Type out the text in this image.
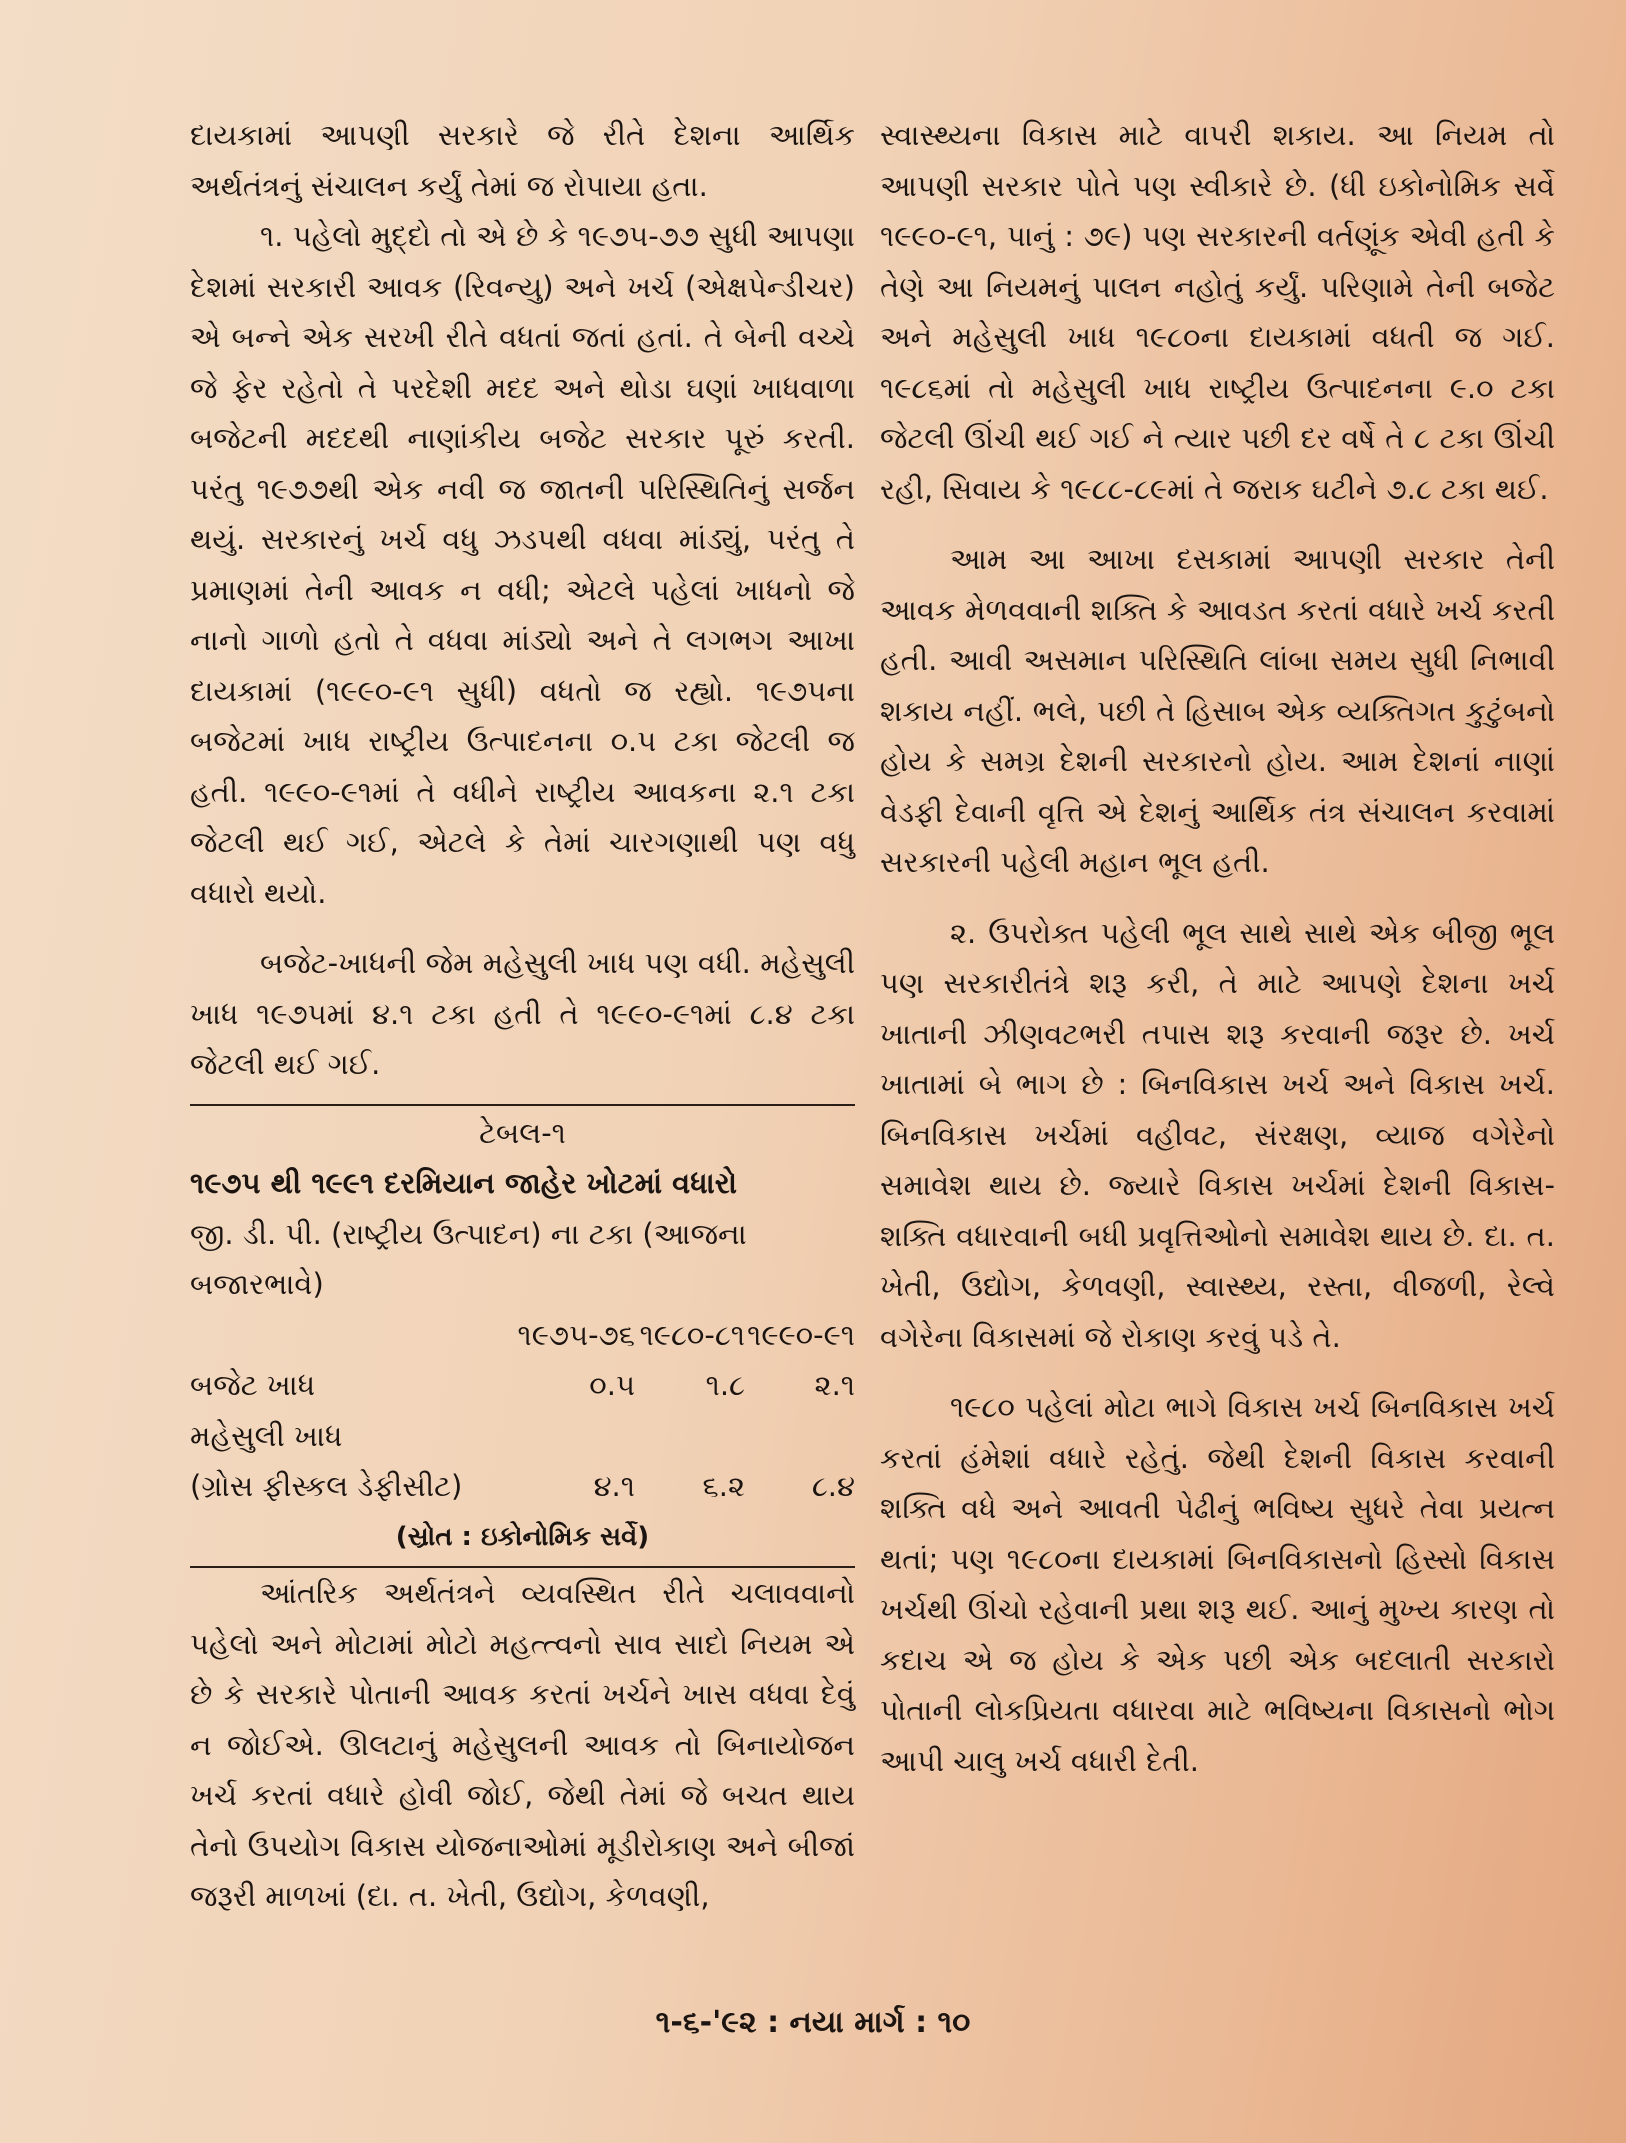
દાયકામાં આપણી સરકારે જે રીતે દેશના આર્થિક અર્થતંત્રનું સંચાલન કર્યું તેમાં જ રોપાયા હતા.

૧. પહેલો મુદ્દો તો એ છે કે ૧૯૭૫-૭૭ સુધી આપણા દેશમાં સરકારી આવક (રિવન્યુ) અને ખર્ચ (એક્ષપેન્ડીચર) એ બન્ને એક સરખી રીતે વધતાં જતાં હતાં. તે બેની વચ્ચે જે ફેર રહેતો તે પરદેશી મદદ અને થોડા ઘણાં ખાધવાળા બજેટની મદદથી નાણાંકીય બજેટ સરકાર પૂરું કરતી. પરંતુ ૧૯૭૭થી એક નવી જ જાતની પરિસ્થિતિનું સર્જન થયું. સરકારનું ખર્ચ વધુ ઝડપથી વધવા માંડ્યું, પરંતુ તે પ્રમાણમાં તેની આવક ન વધી; એટલે પહેલાં ખાધનો જે નાનો ગાળો હતો તે વધવા માંડ્યો અને તે લગભગ આખા દાયકામાં (૧૯૯૦-૯૧ સુધી) વધતો જ રહ્યો. ૧૯૭૫ના બજેટમાં ખાધ રાષ્ટ્રીય ઉત્પાદનના ૦.૫ ટકા જેટલી જ હતી. ૧૯૯૦-૯૧માં તે વધીને રાષ્ટ્રીય આવકના ૨.૧ ટકા જેટલી થઈ ગઈ, એટલે કે તેમાં ચારગણાથી પણ વધુ વધારો થયો.

બજેટ-ખાધની જેમ મહેસુલી ખાધ પણ વધી. મહેસુલી ખાધ ૧૯૭૫માં ૪.૧ ટકા હતી તે ૧૯૯૦-૯૧માં ૮.૪ ટકા જેટલી થઈ ગઈ.

ટેબલ-૧
૧૯૭૫ થી ૧૯૯૧ દરમિયાન જાહેર ખોટમાં વધારો
જી. ડી. પી. (રાષ્ટ્રીય ઉત્પાદન) ના ટકા (આજના બજારભાવે)
	૧૯૭૫-૭૬	૧૯૮૦-૮૧	૧૯૯૦-૯૧
બજેટ ખાધ	૦.૫	૧.૮	૨.૧
મહેસુલી ખાધ			
(ગ્રોસ ફીસ્કલ ડેફીસીટ)	૪.૧	૬.૨	૮.૪
(સ્રોત : ઇકોનોમિક સર્વે)

આંતરિક અર્થતંત્રને વ્યવસ્થિત રીતે ચલાવવાનો પહેલો અને મોટામાં મોટો મહત્ત્વનો સાવ સાદો નિયમ એ છે કે સરકારે પોતાની આવક કરતાં ખર્ચને ખાસ વધવા દેવું ન જોઈએ. ઊલટાનું મહેસુલની આવક તો બિનાયોજન ખર્ચ કરતાં વધારે હોવી જોઈ, જેથી તેમાં જે બચત થાય તેનો ઉપયોગ વિકાસ યોજનાઓમાં મૂડીરોકાણ અને બીજાં જરૂરી માળખાં (દા. ત. ખેતી, ઉદ્યોગ, કેળવણી,

સ્વાસ્થ્યના વિકાસ માટે વાપરી શકાય. આ નિયમ તો આપણી સરકાર પોતે પણ સ્વીકારે છે. (ધી ઇકોનોમિક સર્વે ૧૯૯૦-૯૧, પાનું : ૭૯) પણ સરકારની વર્તણૂંક એવી હતી કે તેણે આ નિયમનું પાલન નહોતું કર્યું. પરિણામે તેની બજેટ અને મહેસુલી ખાધ ૧૯૮૦ના દાયકામાં વધતી જ ગઈ. ૧૯૮૬માં તો મહેસુલી ખાધ રાષ્ટ્રીય ઉત્પાદનના ૯.૦ ટકા જેટલી ઊંચી થઈ ગઈ ને ત્યાર પછી દર વર્ષે તે ૮ ટકા ઊંચી રહી, સિવાય કે ૧૯૮૮-૮૯માં તે જરાક ઘટીને ૭.૮ ટકા થઈ.

આમ આ આખા દસકામાં આપણી સરકાર તેની આવક મેળવવાની શક્તિ કે આવડત કરતાં વધારે ખર્ચ કરતી હતી. આવી અસમાન પરિસ્થિતિ લાંબા સમય સુધી નિભાવી શકાય નહીં. ભલે, પછી તે હિસાબ એક વ્યક્તિગત કુટુંબનો હોય કે સમગ્ર દેશની સરકારનો હોય. આમ દેશનાં નાણાં વેડફી દેવાની વૃત્તિ એ દેશનું આર્થિક તંત્ર સંચાલન કરવામાં સરકારની પહેલી મહાન ભૂલ હતી.

૨. ઉપરોક્ત પહેલી ભૂલ સાથે સાથે એક બીજી ભૂલ પણ સરકારીતંત્રે શરૂ કરી, તે માટે આપણે દેશના ખર્ચ ખાતાની ઝીણવટભરી તપાસ શરૂ કરવાની જરૂર છે. ખર્ચ ખાતામાં બે ભાગ છે : બિનવિકાસ ખર્ચ અને વિકાસ ખર્ચ. બિનવિકાસ ખર્ચમાં વહીવટ, સંરક્ષણ, વ્યાજ વગેરેનો સમાવેશ થાય છે. જ્યારે વિકાસ ખર્ચમાં દેશની વિકાસ-શક્તિ વધારવાની બધી પ્રવૃત્તિઓનો સમાવેશ થાય છે. દા. ત. ખેતી, ઉદ્યોગ, કેળવણી, સ્વાસ્થ્ય, રસ્તા, વીજળી, રેલ્વે વગેરેના વિકાસમાં જે રોકાણ કરવું પડે તે.

૧૯૮૦ પહેલાં મોટા ભાગે વિકાસ ખર્ચ બિનવિકાસ ખર્ચ કરતાં હંમેશાં વધારે રહેતું. જેથી દેશની વિકાસ કરવાની શક્તિ વધે અને આવતી પેઢીનું ભવિષ્ય સુધરે તેવા પ્રયત્ન થતાં; પણ ૧૯૮૦ના દાયકામાં બિનવિકાસનો હિસ્સો વિકાસ ખર્ચથી ઊંચો રહેવાની પ્રથા શરૂ થઈ. આનું મુખ્ય કારણ તો કદાચ એ જ હોય કે એક પછી એક બદલાતી સરકારો પોતાની લોકપ્રિયતા વધારવા માટે ભવિષ્યના વિકાસનો ભોગ આપી ચાલુ ખર્ચ વધારી દેતી.

૧-૬-'૯૨ : નયા માર્ગ : ૧૦
